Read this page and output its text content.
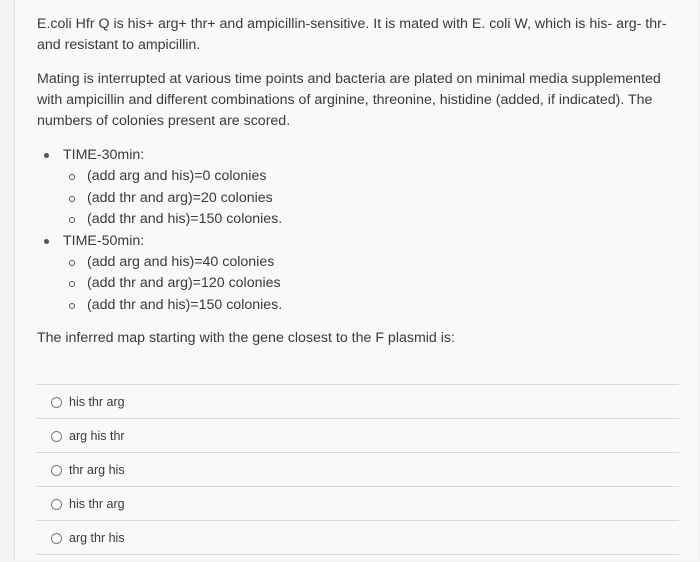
E.coli Hfr Q is his+ arg+ thr+ and ampicillin-sensitive. It is mated with E. coli W, which is his- arg- thr- and resistant to ampicillin.

Mating is interrupted at various time points and bacteria are plated on minimal media supplemented with ampicillin and different combinations of arginine, threonine, histidine (added, if indicated). The numbers of colonies present are scored.

TIME-30min:
(add arg and his)=0 colonies
(add thr and arg)=20 colonies
(add thr and his)=150 colonies.
TIME-50min:
(add arg and his)=40 colonies
(add thr and arg)=120 colonies
(add thr and his)=150 colonies.

The inferred map starting with the gene closest to the F plasmid is:

his thr arg
arg his thr
thr arg his
his thr arg
arg thr his
